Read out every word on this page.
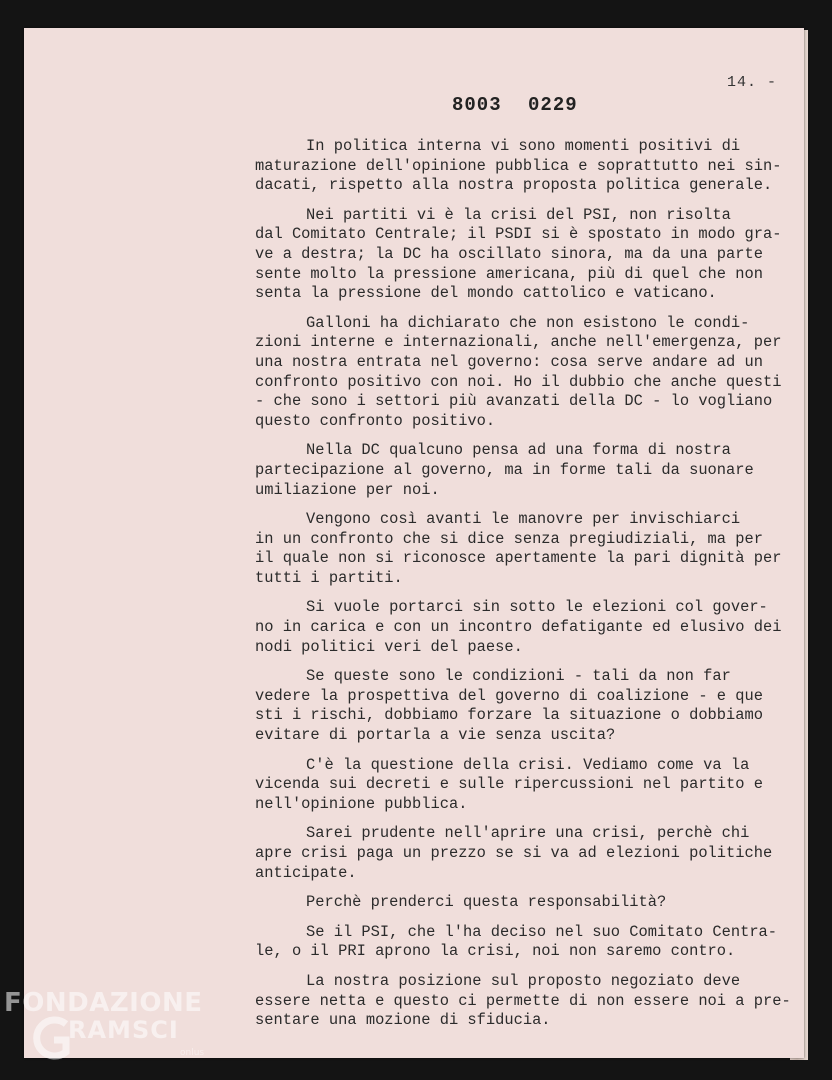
14. -
8003 0229
In politica interna vi sono momenti positivi di
maturazione dell'opinione pubblica e soprattutto nei sin-
dacati, rispetto alla nostra proposta politica generale.
Nei partiti vi è la crisi del PSI, non risolta
dal Comitato Centrale; il PSDI si è spostato in modo gra-
ve a destra; la DC ha oscillato sinora, ma da una parte
sente molto la pressione americana, più di quel che non
senta la pressione del mondo cattolico e vaticano.
Galloni ha dichiarato che non esistono le condi-
zioni interne e internazionali, anche nell'emergenza, per
una nostra entrata nel governo: cosa serve andare ad un
confronto positivo con noi. Ho il dubbio che anche questi
- che sono i settori più avanzati della DC - lo vogliano
questo confronto positivo.
Nella DC qualcuno pensa ad una forma di nostra
partecipazione al governo, ma in forme tali da suonare
umiliazione per noi.
Vengono così avanti le manovre per invischiarci
in un confronto che si dice senza pregiudiziali, ma per
il quale non si riconosce apertamente la pari dignità per
tutti i partiti.
Si vuole portarci sin sotto le elezioni col gover-
no in carica e con un incontro defatigante ed elusivo dei
nodi politici veri del paese.
Se queste sono le condizioni - tali da non far
vedere la prospettiva del governo di coalizione - e que
sti i rischi, dobbiamo forzare la situazione o dobbiamo
evitare di portarla a vie senza uscita?
C'è la questione della crisi. Vediamo come va la
vicenda sui decreti e sulle ripercussioni nel partito e
nell'opinione pubblica.
Sarei prudente nell'aprire una crisi, perchè chi
apre crisi paga un prezzo se si va ad elezioni politiche
anticipate.
Perchè prenderci questa responsabilità?
Se il PSI, che l'ha deciso nel suo Comitato Centra-
le, o il PRI aprono la crisi, noi non saremo contro.
La nostra posizione sul proposto negoziato deve
essere netta e questo ci permette di non essere noi a pre-
sentare una mozione di sfiducia.
FONDAZIONE
RAMSCI
onlus
